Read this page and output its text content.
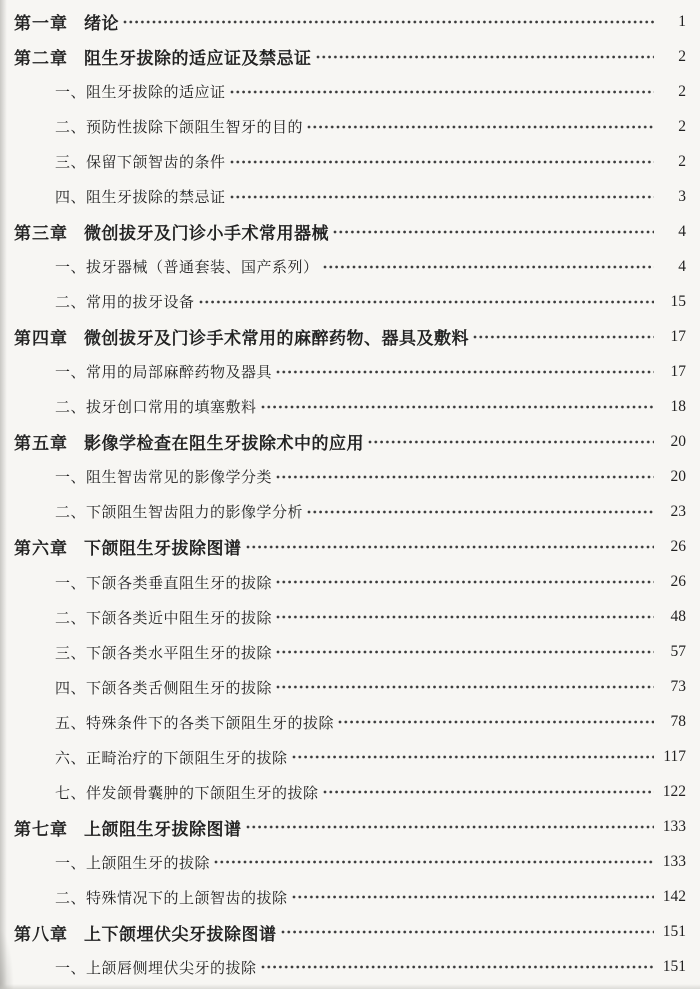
第一章 绪论	1
第二章 阻生牙拔除的适应证及禁忌证	2
一、阻生牙拔除的适应证	2
二、预防性拔除下颌阻生智牙的目的	2
三、保留下颌智齿的条件	2
四、阻生牙拔除的禁忌证	3
第三章 微创拔牙及门诊小手术常用器械	4
一、拔牙器械（普通套装、国产系列）	4
二、常用的拔牙设备	15
第四章 微创拔牙及门诊手术常用的麻醉药物、器具及敷料	17
一、常用的局部麻醉药物及器具	17
二、拔牙创口常用的填塞敷料	18
第五章 影像学检查在阻生牙拔除术中的应用	20
一、阻生智齿常见的影像学分类	20
二、下颌阻生智齿阻力的影像学分析	23
第六章 下颌阻生牙拔除图谱	26
一、下颌各类垂直阻生牙的拔除	26
二、下颌各类近中阻生牙的拔除	48
三、下颌各类水平阻生牙的拔除	57
四、下颌各类舌侧阻生牙的拔除	73
五、特殊条件下的各类下颌阻生牙的拔除	78
六、正畸治疗的下颌阻生牙的拔除	117
七、伴发颌骨囊肿的下颌阻生牙的拔除	122
第七章 上颌阻生牙拔除图谱	133
一、上颌阻生牙的拔除	133
二、特殊情况下的上颌智齿的拔除	142
第八章 上下颌埋伏尖牙拔除图谱	151
一、上颌唇侧埋伏尖牙的拔除	151
